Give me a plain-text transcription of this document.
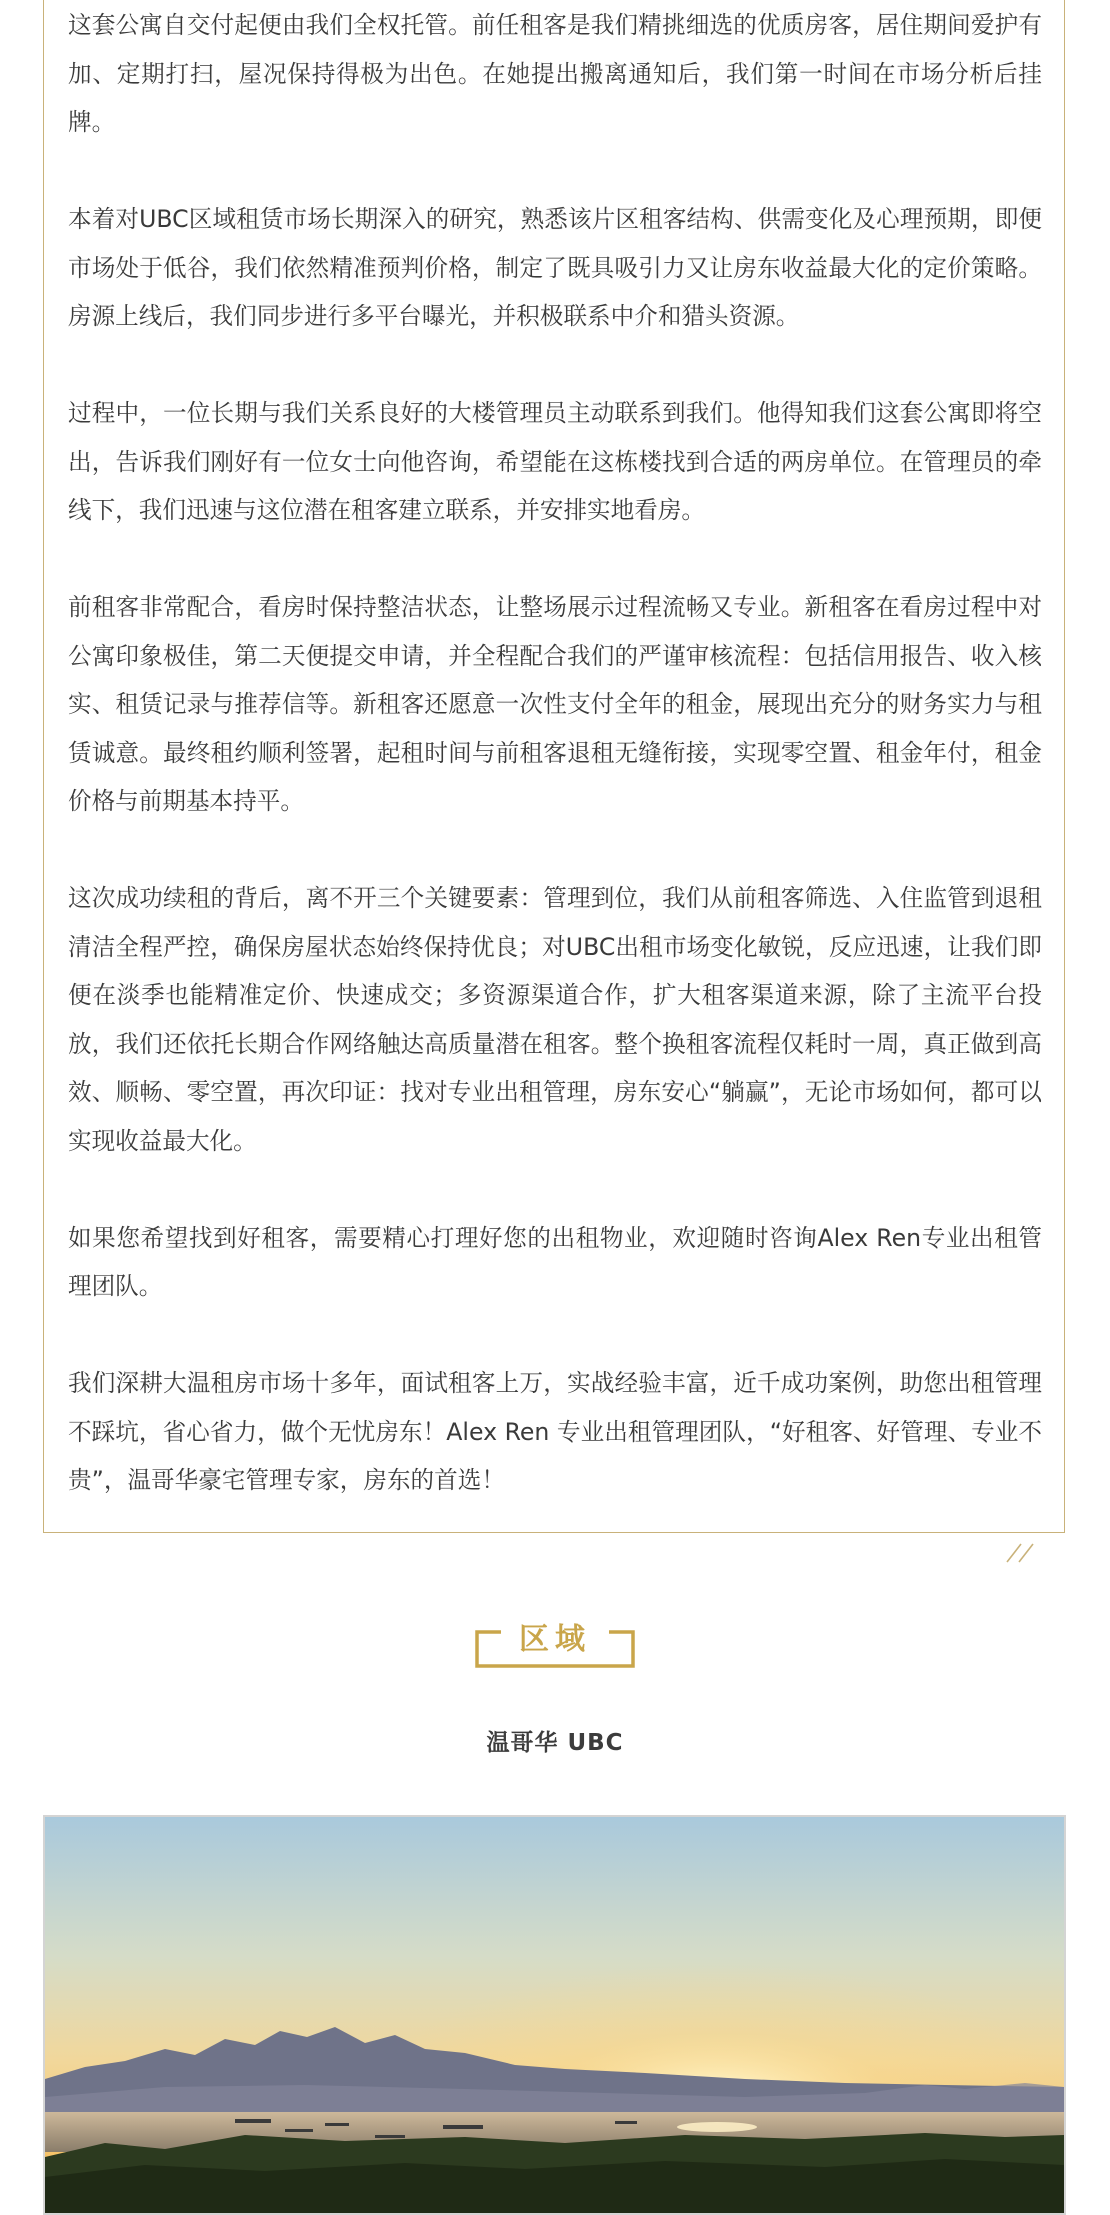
这套公寓自交付起便由我们全权托管。前任租客是我们精挑细选的优质房客，居住期间爱护有加、定期打扫，屋况保持得极为出色。在她提出搬离通知后，我们第一时间在市场分析后挂牌。

本着对UBC区域租赁市场长期深入的研究，熟悉该片区租客结构、供需变化及心理预期，即便市场处于低谷，我们依然精准预判价格，制定了既具吸引力又让房东收益最大化的定价策略。房源上线后，我们同步进行多平台曝光，并积极联系中介和猎头资源。

过程中，一位长期与我们关系良好的大楼管理员主动联系到我们。他得知我们这套公寓即将空出，告诉我们刚好有一位女士向他咨询，希望能在这栋楼找到合适的两房单位。在管理员的牵线下，我们迅速与这位潜在租客建立联系，并安排实地看房。

前租客非常配合，看房时保持整洁状态，让整场展示过程流畅又专业。新租客在看房过程中对公寓印象极佳，第二天便提交申请，并全程配合我们的严谨审核流程：包括信用报告、收入核实、租赁记录与推荐信等。新租客还愿意一次性支付全年的租金，展现出充分的财务实力与租赁诚意。最终租约顺利签署，起租时间与前租客退租无缝衔接，实现零空置、租金年付，租金价格与前期基本持平。

这次成功续租的背后，离不开三个关键要素：管理到位，我们从前租客筛选、入住监管到退租清洁全程严控，确保房屋状态始终保持优良；对UBC出租市场变化敏锐，反应迅速，让我们即便在淡季也能精准定价、快速成交；多资源渠道合作，扩大租客渠道来源，除了主流平台投放，我们还依托长期合作网络触达高质量潜在租客。整个换租客流程仅耗时一周，真正做到高效、顺畅、零空置，再次印证：找对专业出租管理，房东安心“躺赢”，无论市场如何，都可以实现收益最大化。

如果您希望找到好租客，需要精心打理好您的出租物业，欢迎随时咨询Alex Ren专业出租管理团队。

我们深耕大温租房市场十多年，面试租客上万，实战经验丰富，近千成功案例，助您出租管理不踩坑，省心省力，做个无忧房东！Alex Ren 专业出租管理团队，“好租客、好管理、专业不贵”，温哥华豪宅管理专家，房东的首选！

区域
温哥华 UBC
